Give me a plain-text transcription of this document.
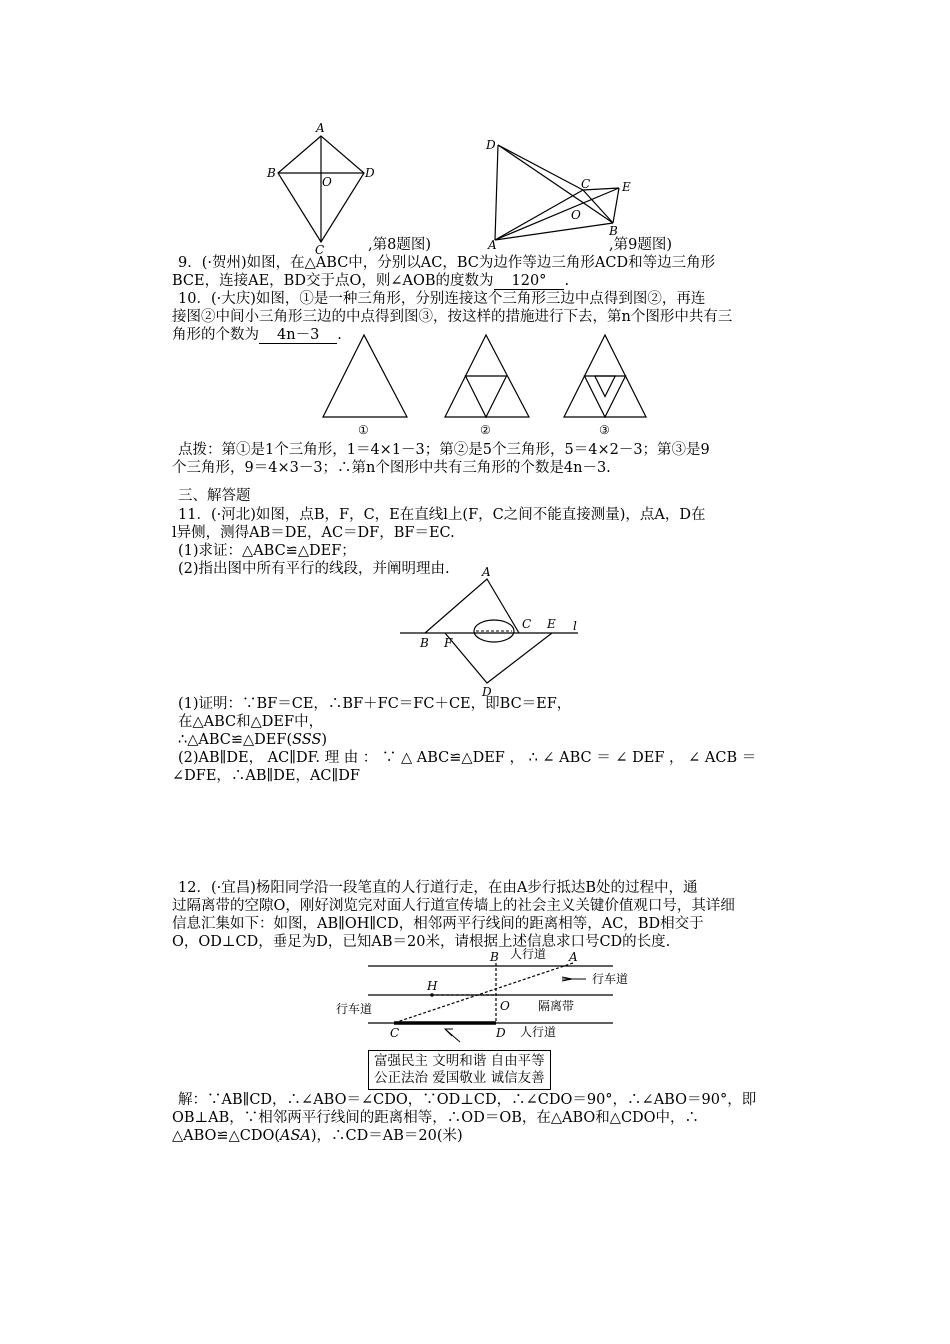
A
B	D
O
C	,第8题图)
D
C	E
O
B
A	,第9题图)
9．(·贺州)如图，在△ABC中，分别以AC，BC为边作等边三角形ACD和等边三角形
BCE，连接AE，BD交于点O，则∠AOB的度数为 120° .
10．(·大庆)如图，①是一种三角形，分别连接这个三角形三边中点得到图②，再连
接图②中间小三角形三边的中点得到图③，按这样的措施进行下去，第n个图形中共有三
角形的个数为 4n－3 .
①	②	③
点拨：第①是1个三角形，1＝4×1－3；第②是5个三角形，5＝4×2－3；第③是9
个三角形，9＝4×3－3；∴第n个图形中共有三角形的个数是4n－3.
三、解答题
11．(·河北)如图，点B，F，C，E在直线l上(F，C之间不能直接测量)，点A，D在
l异侧，测得AB＝DE，AC＝DF，BF＝EC.
(1)求证：△ABC≌△DEF；
(2)指出图中所有平行的线段，并阐明理由.	A
B F
C E l
D
(1)证明：∵BF＝CE，∴BF＋FC＝FC＋CE，即BC＝EF，
在△ABC和△DEF中，
∴△ABC≌△DEF(SSS)
(2)AB∥DE， AC∥DF. 理 由 ： ∵ △ ABC≌△DEF ， ∴ ∠ ABC ＝ ∠ DEF ， ∠ ACB ＝
∠DFE，∴AB∥DE，AC∥DF
12．(·宜昌)杨阳同学沿一段笔直的人行道行走，在由A步行抵达B处的过程中，通
过隔离带的空隙O，刚好浏览完对面人行道宣传墙上的社会主义关键价值观口号，其详细
信息汇集如下：如图，AB∥OH∥CD，相邻两平行线间的距离相等，AC，BD相交于
O，OD⊥CD，垂足为D，已知AB＝20米，请根据上述信息求口号CD的长度.
B 人行道 A
行车道
H
O 隔离带
行车道
C	D 人行道
富强民主 文明和谐 自由平等
公正法治 爱国敬业 诚信友善
解：∵AB∥CD，∴∠ABO＝∠CDO，∵OD⊥CD，∴∠CDO＝90°，∴∠ABO＝90°，即
OB⊥AB，∵相邻两平行线间的距离相等，∴OD＝OB，在△ABO和△CDO中，∴
△ABO≌△CDO(ASA)，∴CD＝AB＝20(米)
